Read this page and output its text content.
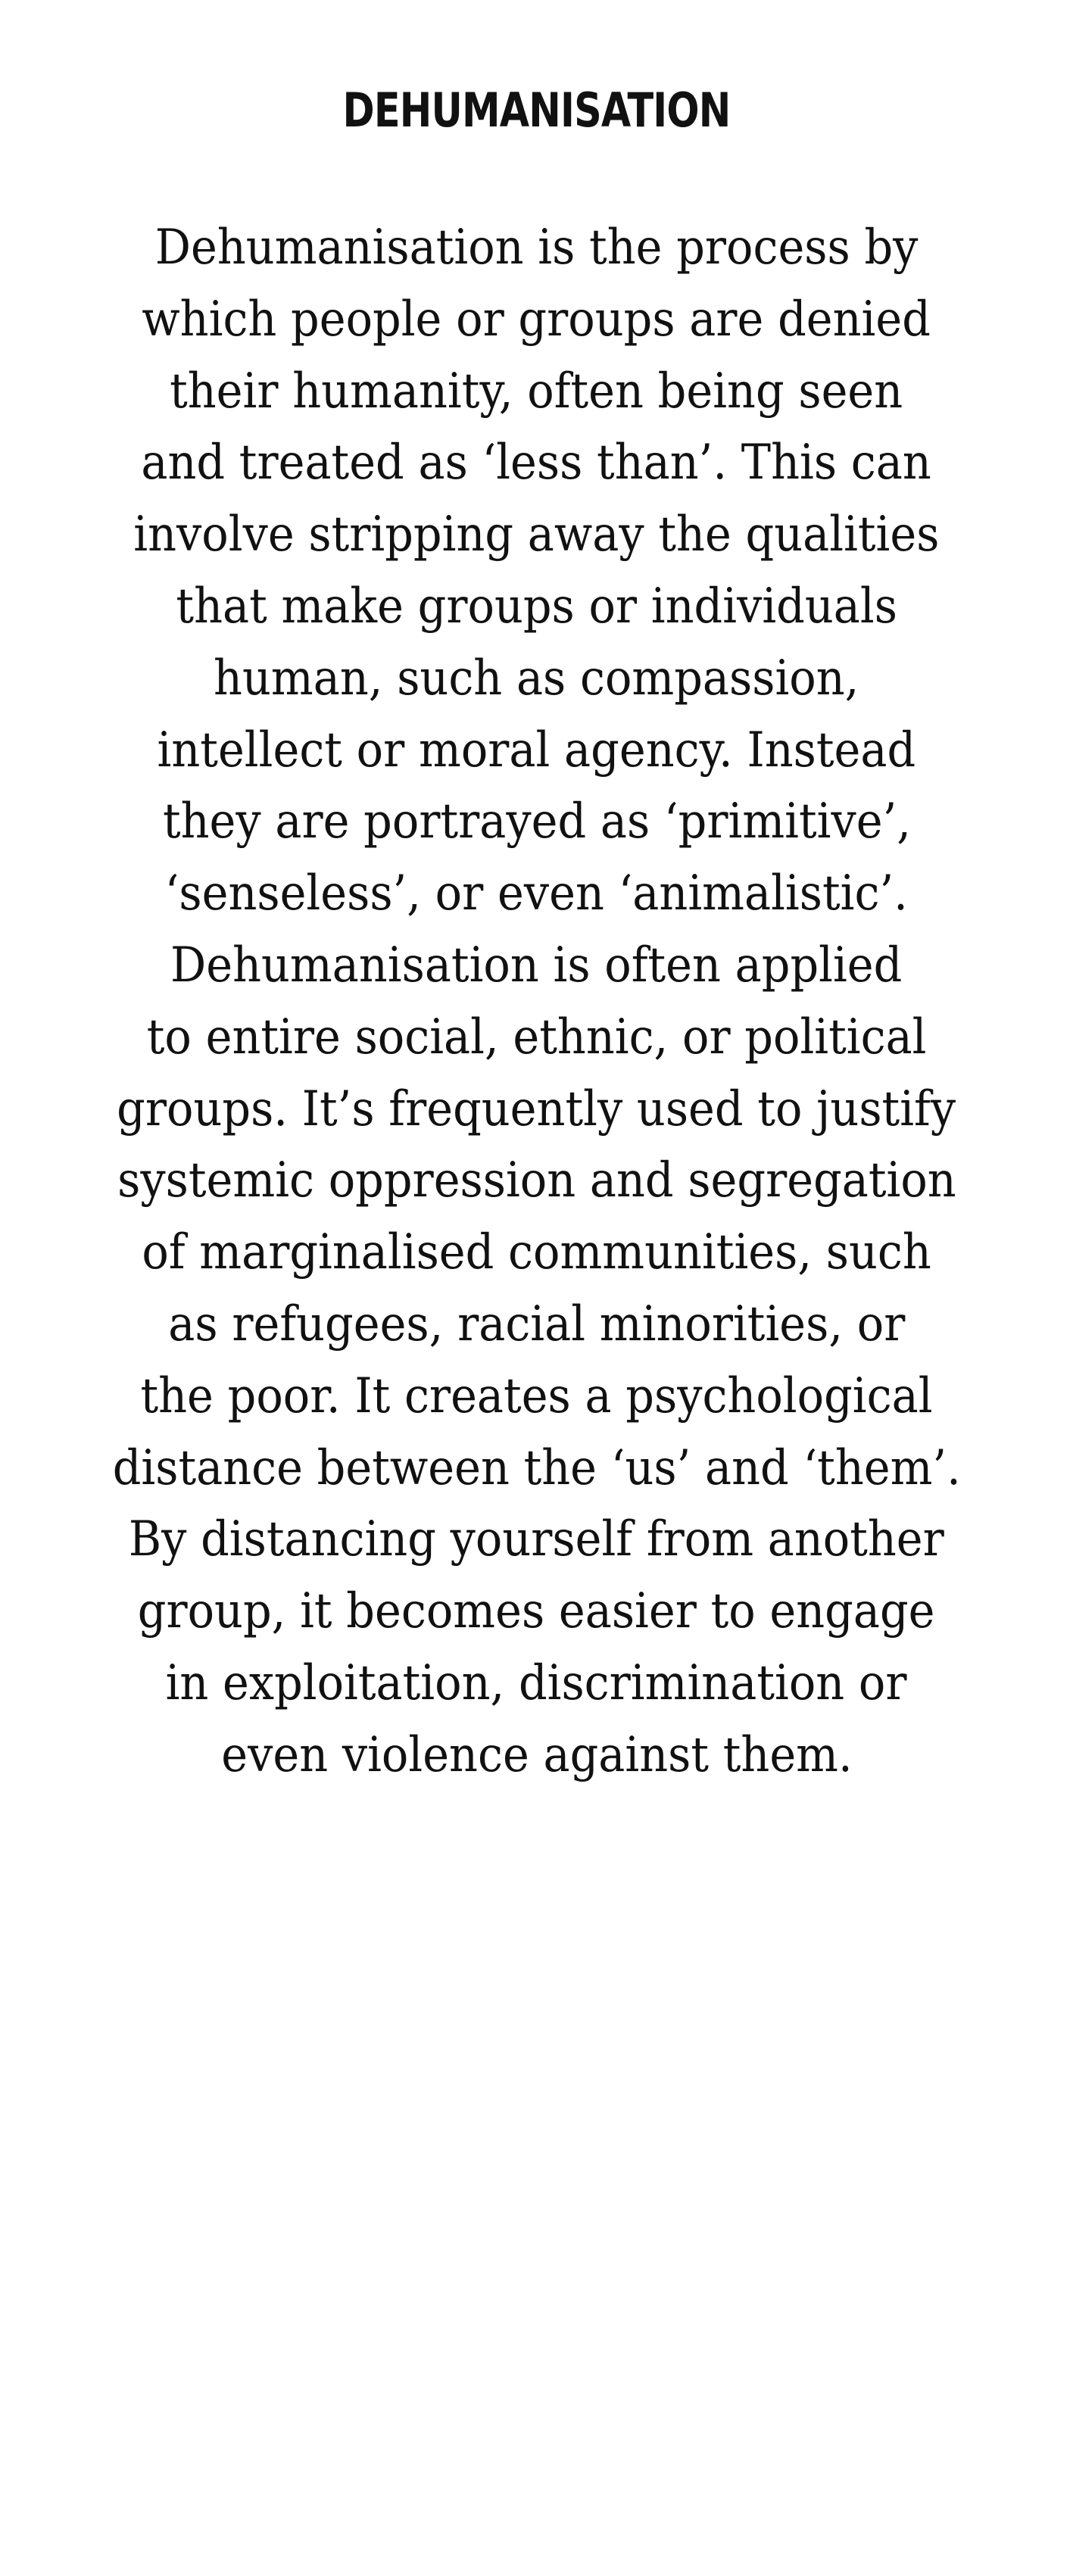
DEHUMANISATION
Dehumanisation is the process by
which people or groups are denied
their humanity, often being seen
and treated as ‘less than’. This can
involve stripping away the qualities
that make groups or individuals
human, such as compassion,
intellect or moral agency. Instead
they are portrayed as ‘primitive’,
‘senseless’, or even ‘animalistic’.
Dehumanisation is often applied
to entire social, ethnic, or political
groups. It’s frequently used to justify
systemic oppression and segregation
of marginalised communities, such
as refugees, racial minorities, or
the poor. It creates a psychological
distance between the ‘us’ and ‘them’.
By distancing yourself from another
group, it becomes easier to engage
in exploitation, discrimination or
even violence against them.
